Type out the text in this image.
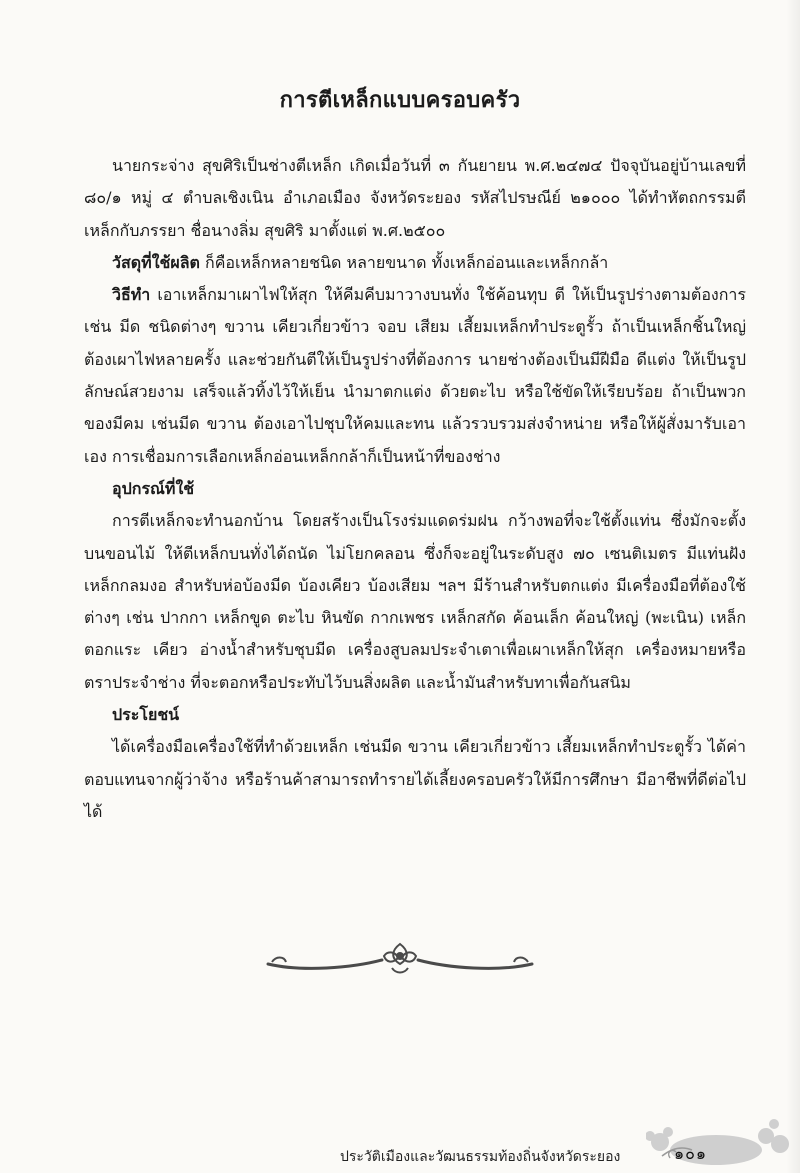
การตีเหล็กแบบครอบครัว

นายกระจ่าง สุขศิริเป็นช่างตีเหล็ก เกิดเมื่อวันที่ ๓ กันยายน พ.ศ.๒๔๗๔ ปัจจุบันอยู่บ้านเลขที่ ๘๐/๑ หมู่ ๔ ตำบลเชิงเนิน อำเภอเมือง จังหวัดระยอง รหัสไปรษณีย์ ๒๑๐๐๐ ได้ทำหัตถกรรมตีเหล็กกับภรรยา ชื่อนางลิ่ม สุขศิริ มาตั้งแต่ พ.ศ.๒๕๐๐

วัสดุที่ใช้ผลิต ก็คือเหล็กหลายชนิด หลายขนาด ทั้งเหล็กอ่อนและเหล็กกล้า

วิธีทำ เอาเหล็กมาเผาไฟให้สุก ให้คีมคีบมาวางบนทั่ง ใช้ค้อนทุบ ตี ให้เป็นรูปร่างตามต้องการ เช่น มีด ชนิดต่างๆ ขวาน เคียวเกี่ยวข้าว จอบ เสียม เสี้ยมเหล็กทำประตูรั้ว ถ้าเป็นเหล็กชิ้นใหญ่ ต้องเผาไฟหลายครั้ง และช่วยกันตีให้เป็นรูปร่างที่ต้องการ นายช่างต้องเป็นมีฝีมือ ดีแต่ง ให้เป็นรูปลักษณ์สวยงาม เสร็จแล้วทิ้งไว้ให้เย็น นำมาตกแต่ง ด้วยตะไบ หรือใช้ขัดให้เรียบร้อย ถ้าเป็นพวกของมีคม เช่นมีด ขวาน ต้องเอาไปชุบให้คมและทน แล้วรวบรวมส่งจำหน่าย หรือให้ผู้สั่งมารับเอาเอง การเชื่อมการเลือกเหล็กอ่อนเหล็กกล้าก็เป็นหน้าที่ของช่าง

อุปกรณ์ที่ใช้

การตีเหล็กจะทำนอกบ้าน โดยสร้างเป็นโรงร่มแดดร่มฝน กว้างพอที่จะใช้ตั้งแท่น ซึ่งมักจะตั้งบนขอนไม้ ให้ตีเหล็กบนทั่งได้ถนัด ไม่โยกคลอน ซึ่งก็จะอยู่ในระดับสูง ๗๐ เซนติเมตร มีแท่นฝังเหล็กกลมงอ สำหรับห่อบ้องมีด บ้องเคียว บ้องเสียม ฯลฯ มีร้านสำหรับตกแต่ง มีเครื่องมือที่ต้องใช้ต่างๆ เช่น ปากกา เหล็กขูด ตะไบ หินขัด กากเพชร เหล็กสกัด ค้อนเล็ก ค้อนใหญ่ (พะเนิน) เหล็กตอกแระ เคียว อ่างน้ำสำหรับชุบมีด เครื่องสูบลมประจำเตาเพื่อเผาเหล็กให้สุก เครื่องหมายหรือตราประจำช่าง ที่จะตอกหรือประทับไว้บนสิ่งผลิต และน้ำมันสำหรับทาเพื่อกันสนิม

ประโยชน์

ได้เครื่องมือเครื่องใช้ที่ทำด้วยเหล็ก เช่นมีด ขวาน เคียวเกี่ยวข้าว เสี้ยมเหล็กทำประตูรั้ว ได้ค่าตอบแทนจากผู้ว่าจ้าง หรือร้านค้าสามารถทำรายได้เลี้ยงครอบครัวให้มีการศึกษา มีอาชีพที่ดีต่อไปได้

ประวัติเมืองและวัฒนธรรมท้องถิ่นจังหวัดระยอง	๑๐๑
